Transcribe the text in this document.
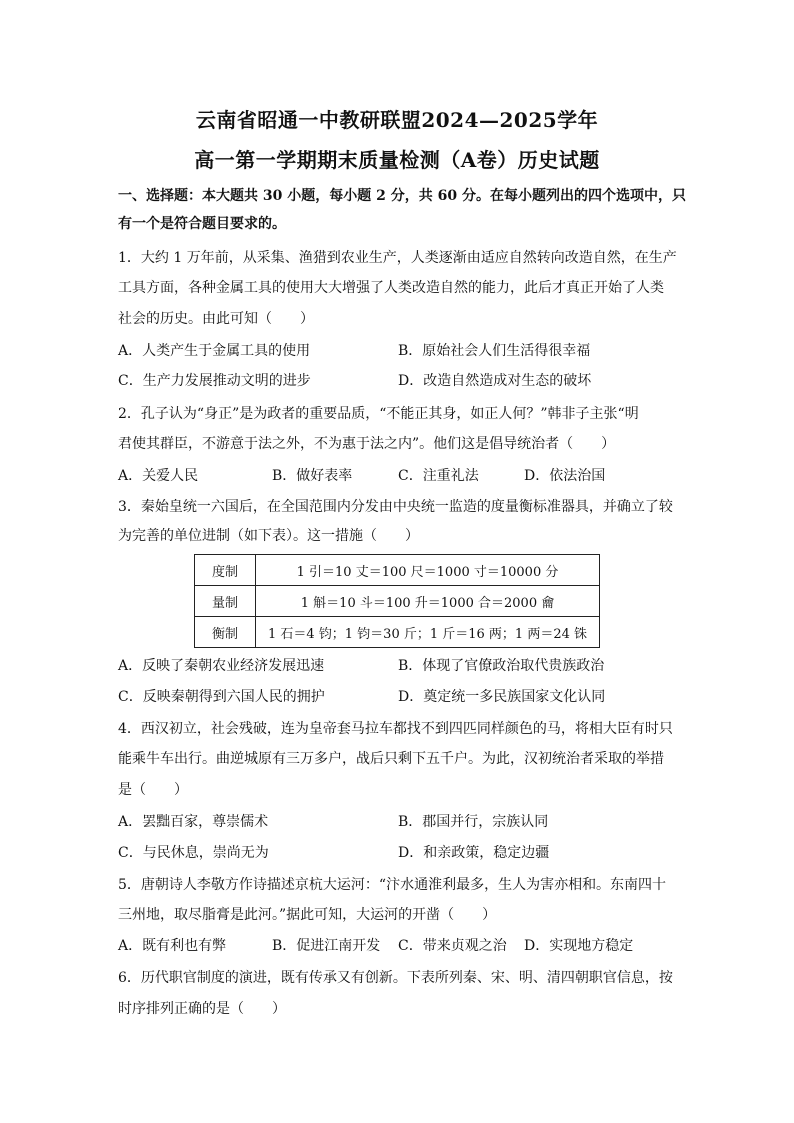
云南省昭通一中教研联盟2024—2025学年
高一第一学期期末质量检测（A卷）历史试题
一、选择题：本大题共 30 小题，每小题 2 分，共 60 分。在每小题列出的四个选项中，只
有一个是符合题目要求的。
1．大约 1 万年前，从采集、渔猎到农业生产，人类逐渐由适应自然转向改造自然，在生产
工具方面，各种金属工具的使用大大增强了人类改造自然的能力，此后才真正开始了人类
社会的历史。由此可知（　　）
A．人类产生于金属工具的使用	B．原始社会人们生活得很幸福
C．生产力发展推动文明的进步	D．改造自然造成对生态的破坏
2．孔子认为“身正”是为政者的重要品质，“不能正其身，如正人何？”韩非子主张“明
君使其群臣，不游意于法之外，不为惠于法之内”。他们这是倡导统治者（　　）
A．关爱人民	B．做好表率	C．注重礼法	D．依法治国
3．秦始皇统一六国后，在全国范围内分发由中央统一监造的度量衡标准器具，并确立了较
为完善的单位进制（如下表）。这一措施（　　）
度制	1 引＝10 丈＝100 尺＝1000 寸＝10000 分
量制	1 斛＝10 斗＝100 升＝1000 合＝2000 龠
衡制	1 石＝4 钧；1 钧＝30 斤；1 斤＝16 两；1 两＝24 铢
A．反映了秦朝农业经济发展迅速	B．体现了官僚政治取代贵族政治
C．反映秦朝得到六国人民的拥护	D．奠定统一多民族国家文化认同
4．西汉初立，社会残破，连为皇帝套马拉车都找不到四匹同样颜色的马，将相大臣有时只
能乘牛车出行。曲逆城原有三万多户，战后只剩下五千户。为此，汉初统治者采取的举措
是（　　）
A．罢黜百家，尊崇儒术	B．郡国并行，宗族认同
C．与民休息，崇尚无为	D．和亲政策，稳定边疆
5．唐朝诗人李敬方作诗描述京杭大运河：“汴水通淮利最多，生人为害亦相和。东南四十
三州地，取尽脂膏是此河。”据此可知，大运河的开凿（　　）
A．既有利也有弊	B．促进江南开发 C．带来贞观之治 D．实现地方稳定
6．历代职官制度的演进，既有传承又有创新。下表所列秦、宋、明、清四朝职官信息，按
时序排列正确的是（　　）
